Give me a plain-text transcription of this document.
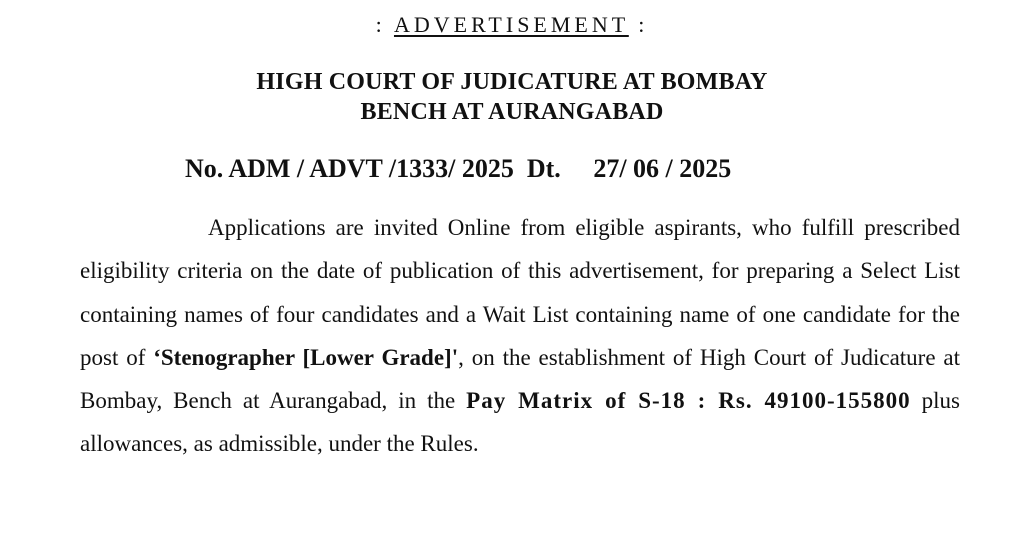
: ADVERTISEMENT :
HIGH COURT OF JUDICATURE AT BOMBAY
BENCH AT AURANGABAD
No. ADM / ADVT /1333/ 2025 Dt. 27/ 06 / 2025
Applications are invited Online from eligible aspirants, who fulfill prescribed eligibility criteria on the date of publication of this advertisement, for preparing a Select List containing names of four candidates and a Wait List containing name of one candidate for the post of ‘Stenographer [Lower Grade]', on the establishment of High Court of Judicature at Bombay, Bench at Aurangabad, in the Pay Matrix of S-18 : Rs. 49100-155800 plus allowances, as admissible, under the Rules.
